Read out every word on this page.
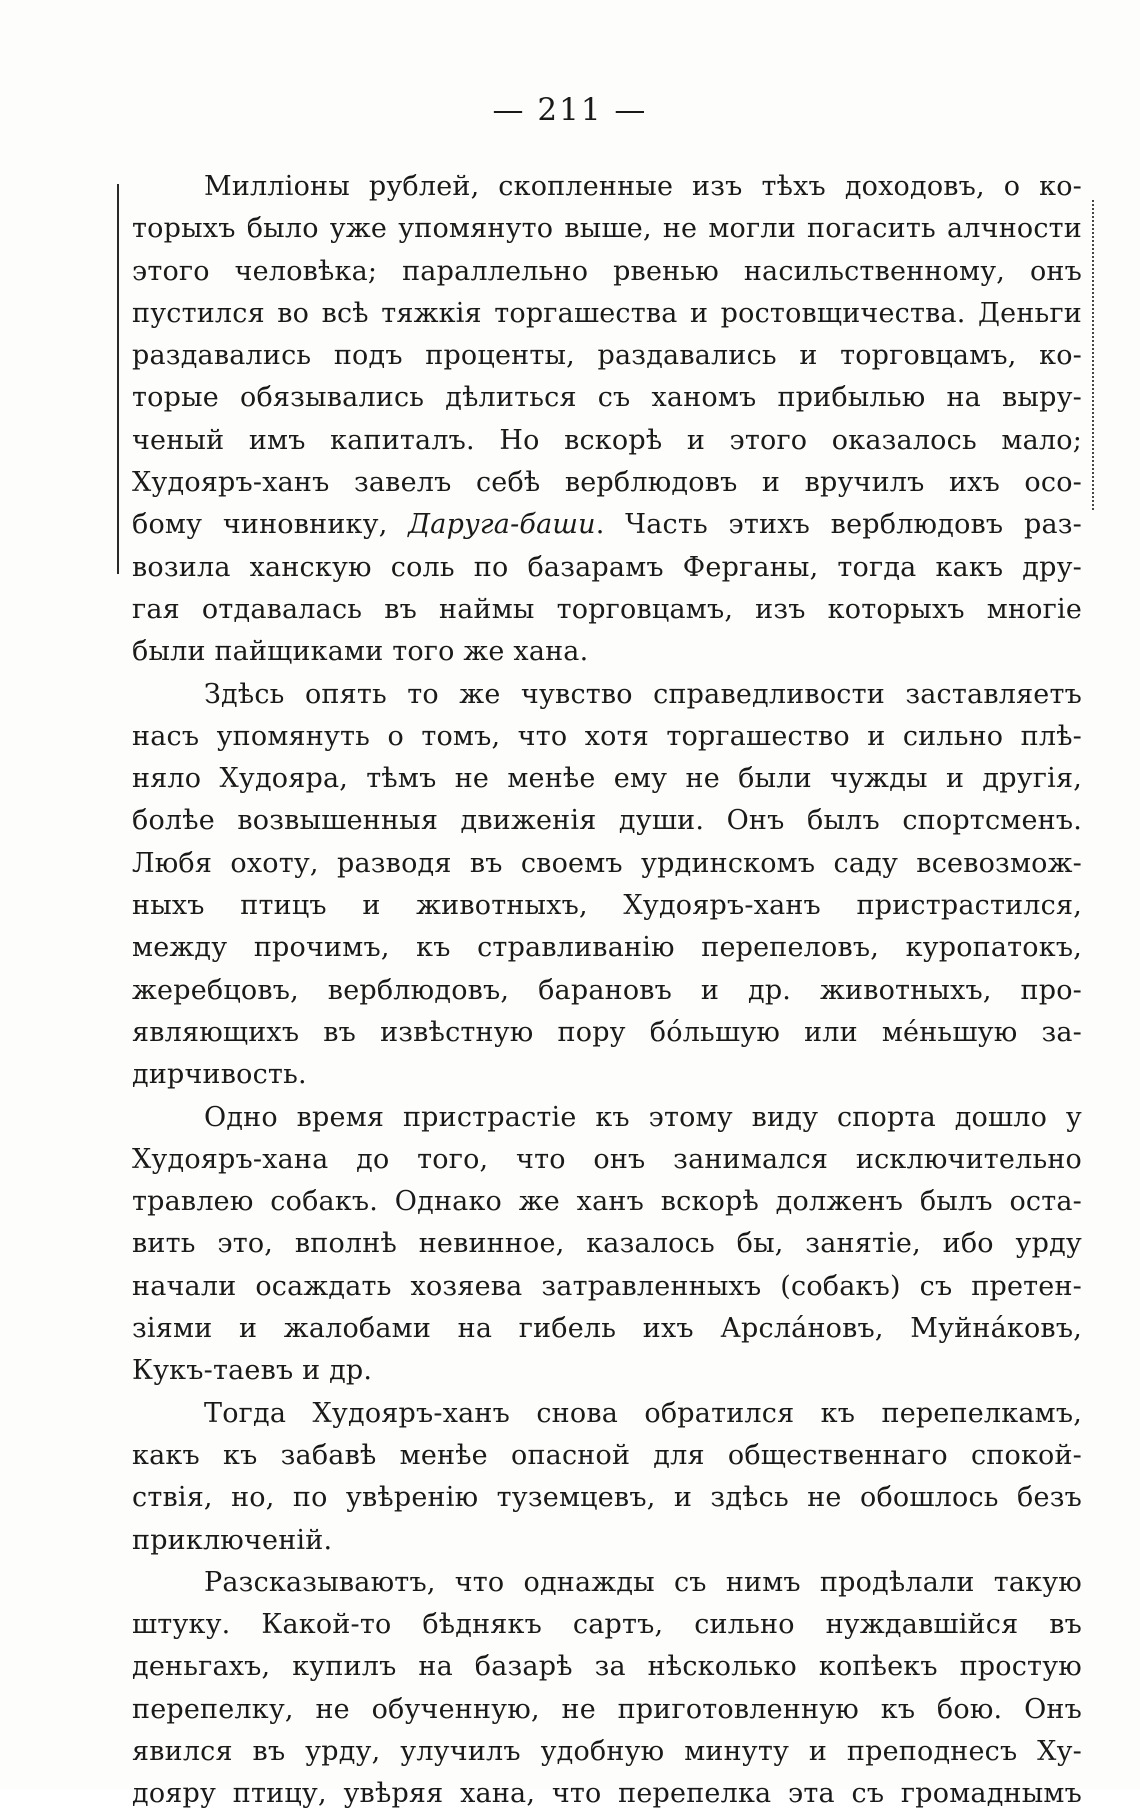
— 211 —
Милліоны рублей, скопленные изъ тѣхъ доходовъ, о ко-
торыхъ было уже упомянуто выше, не могли погасить алчности
этого человѣка; параллельно рвенью насильственному, онъ
пустился во всѣ тяжкія торгашества и ростовщичества. Деньги
раздавались подъ проценты, раздавались и торговцамъ, ко-
торые обязывались дѣлиться съ ханомъ прибылью на выру-
ченый имъ капиталъ. Но вскорѣ и этого оказалось мало;
Худояръ-ханъ завелъ себѣ верблюдовъ и вручилъ ихъ осо-
бому чиновнику, Даруга-баши. Часть этихъ верблюдовъ раз-
возила ханскую соль по базарамъ Ферганы, тогда какъ дру-
гая отдавалась въ наймы торговцамъ, изъ которыхъ многіе
были пайщиками того же хана.
Здѣсь опять то же чувство справедливости заставляетъ
насъ упомянуть о томъ, что хотя торгашество и сильно плѣ-
няло Худояра, тѣмъ не менѣе ему не были чужды и другія,
болѣе возвышенныя движенія души. Онъ былъ спортсменъ.
Любя охоту, разводя въ своемъ урдинскомъ саду всевозмож-
ныхъ птицъ и животныхъ, Худояръ-ханъ пристрастился,
между прочимъ, къ стравливанію перепеловъ, куропатокъ,
жеребцовъ, верблюдовъ, барановъ и др. животныхъ, про-
являющихъ въ извѣстную пору бо́льшую или ме́ньшую за-
дирчивость.
Одно время пристрастіе къ этому виду спорта дошло у
Худояръ-хана до того, что онъ занимался исключительно
травлею собакъ. Однако же ханъ вскорѣ долженъ былъ оста-
вить это, вполнѣ невинное, казалось бы, занятіе, ибо урду
начали осаждать хозяева затравленныхъ (собакъ) съ претен-
зіями и жалобами на гибель ихъ Арсла́новъ, Муйна́ковъ,
Кукъ-таевъ и др.
Тогда Худояръ-ханъ снова обратился къ перепелкамъ,
какъ къ забавѣ менѣе опасной для общественнаго спокой-
ствія, но, по увѣренію туземцевъ, и здѣсь не обошлось безъ
приключеній.
Разсказываютъ, что однажды съ нимъ продѣлали такую
штуку. Какой-то бѣднякъ сартъ, сильно нуждавшійся въ
деньгахъ, купилъ на базарѣ за нѣсколько копѣекъ простую
перепелку, не обученную, не приготовленную къ бою. Онъ
явился въ урду, улучилъ удобную минуту и преподнесъ Ху-
дояру птицу, увѣряя хана, что перепелка эта съ громаднымъ
